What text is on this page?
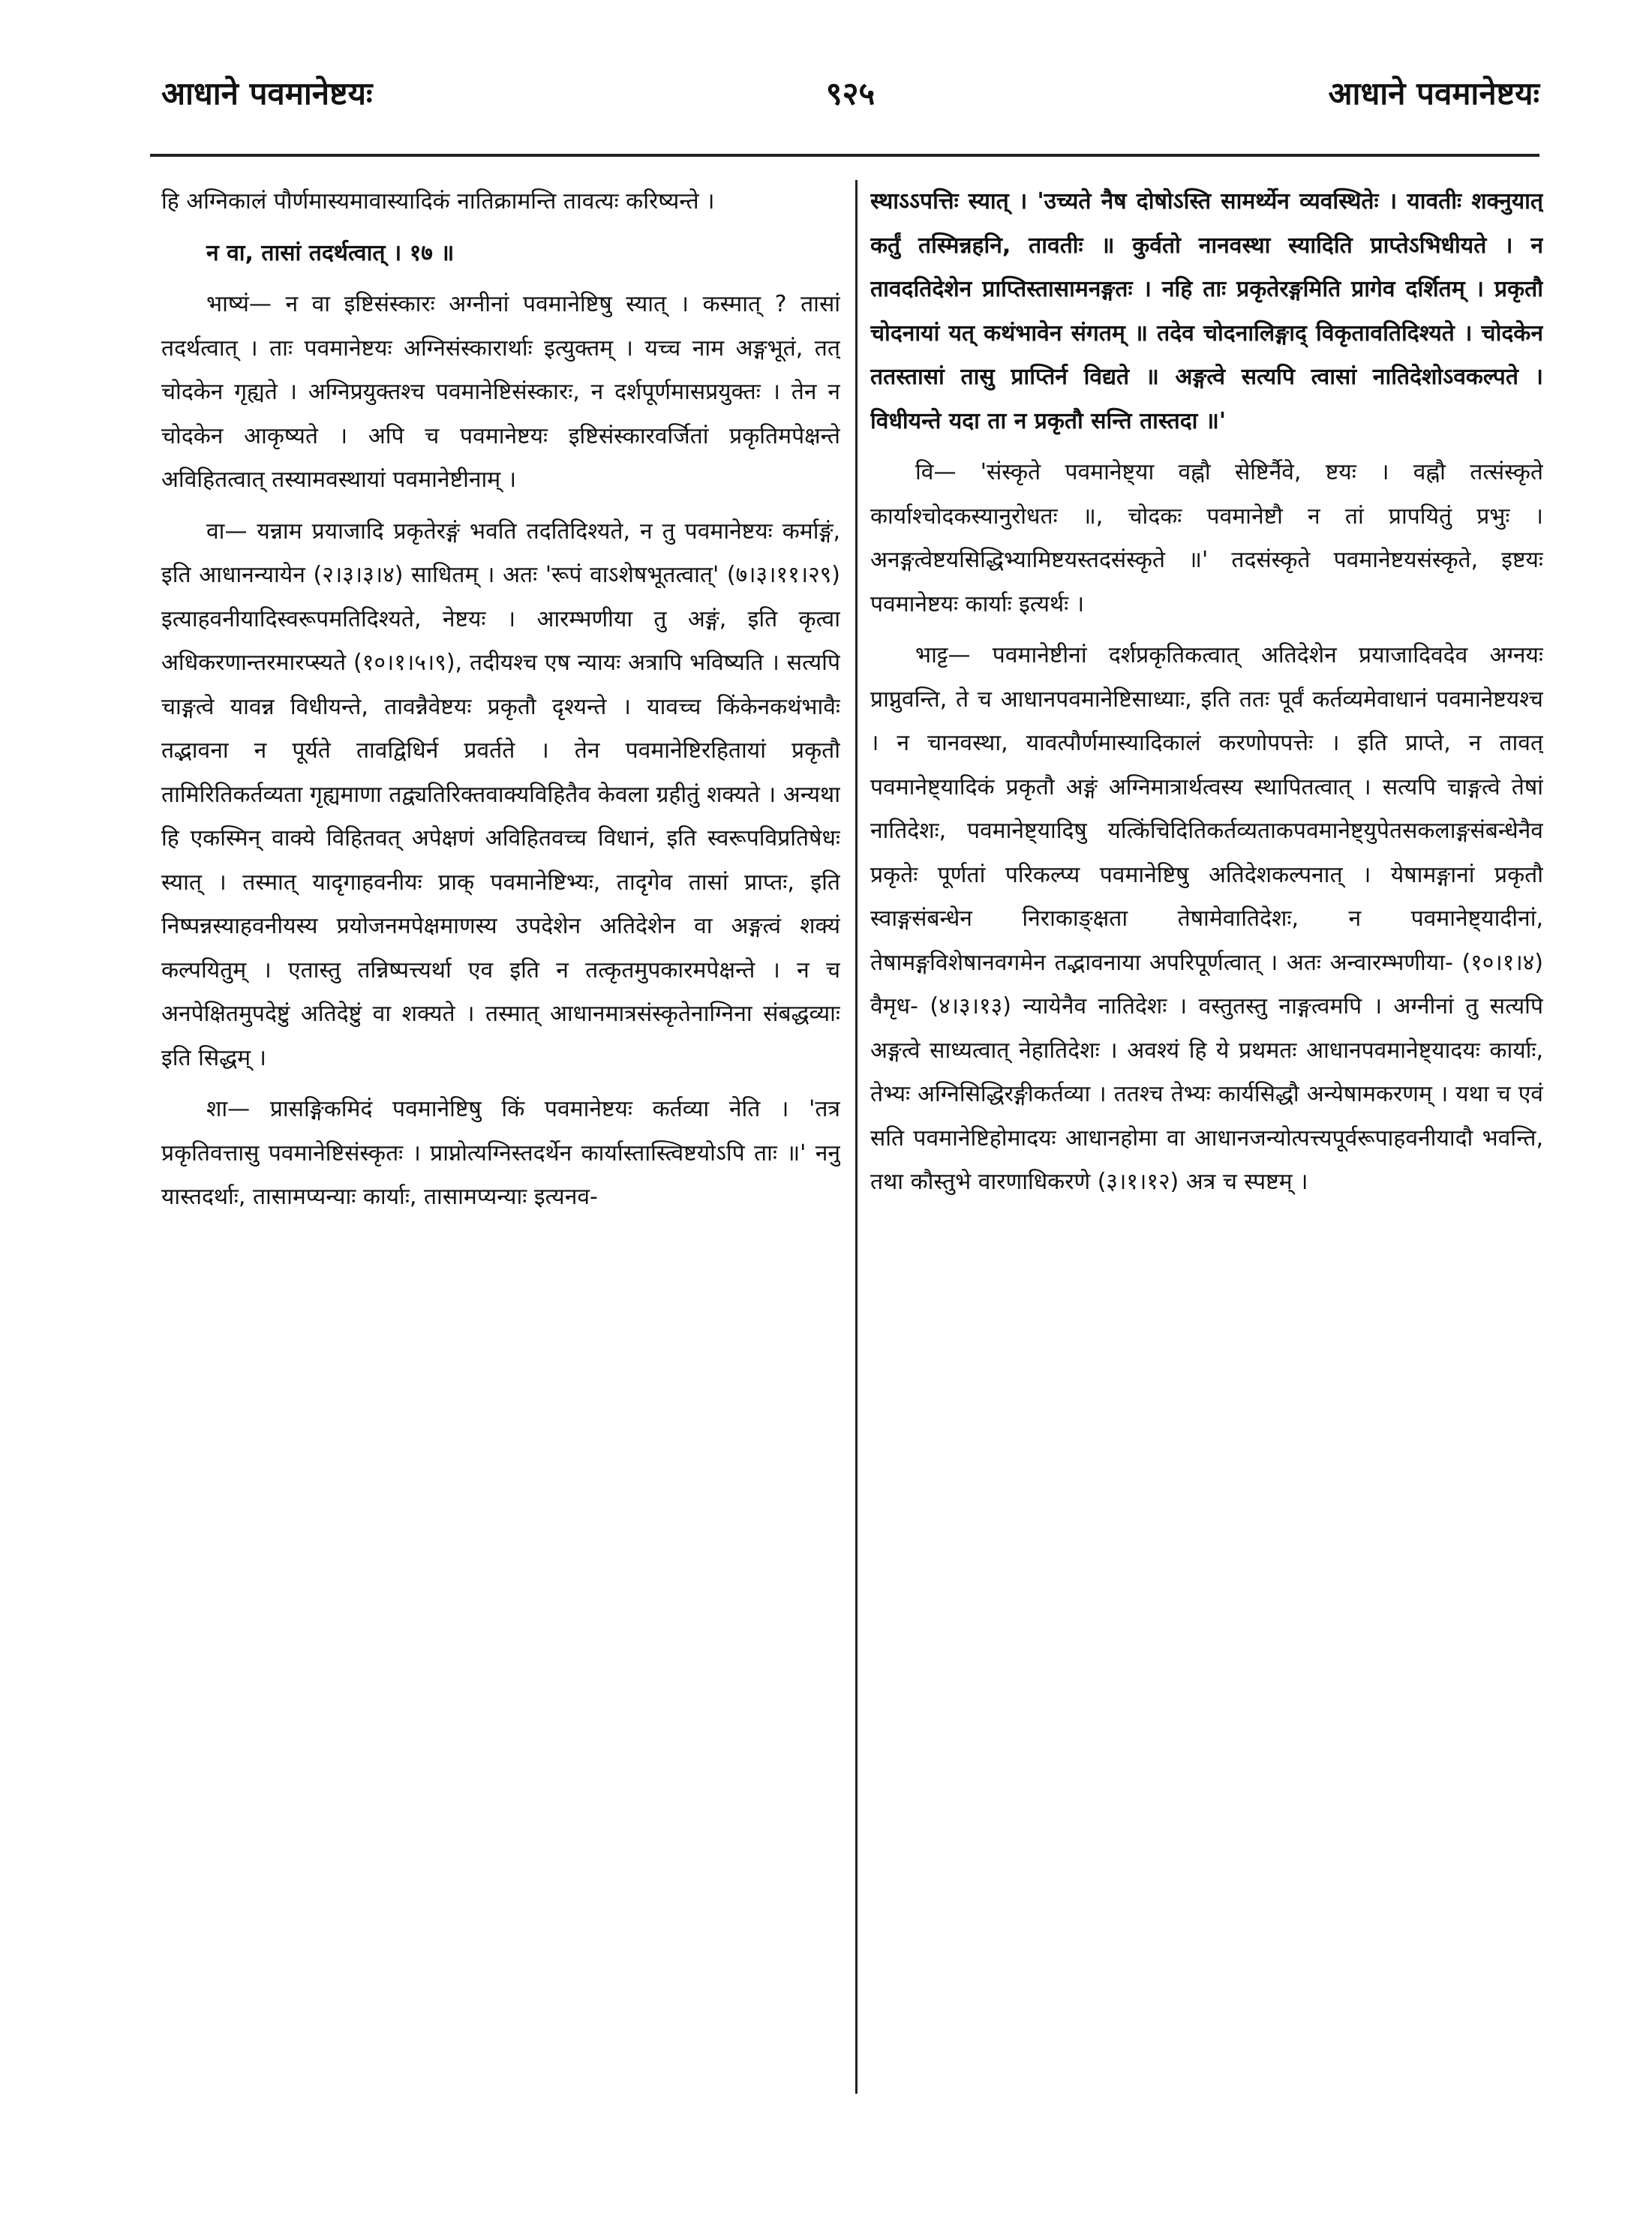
आधाने पवमानेष्टयः	९२५	आधाने पवमानेष्टयः

हि अग्निकालं पौर्णमास्यमावास्यादिकं नातिक्रामन्ति तावत्यः करिष्यन्ते ।

न वा, तासां तदर्थत्वात् । १७ ॥

भाष्यं— न वा इष्टिसंस्कारः अग्नीनां पवमानेष्टिषु स्यात् । कस्मात् ? तासां तदर्थत्वात् । ताः पवमानेष्टयः अग्निसंस्कारार्थाः इत्युक्तम् । यच्च नाम अङ्गभूतं, तत् चोदकेन गृह्यते । अग्निप्रयुक्तश्च पवमानेष्टिसंस्कारः, न दर्शपूर्णमासप्रयुक्तः । तेन न चोदकेन आकृष्यते । अपि च पवमानेष्टयः इष्टिसंस्कारवर्जितां प्रकृतिमपेक्षन्ते अविहितत्वात् तस्यामवस्थायां पवमानेष्टीनाम् ।

वा— यन्नाम प्रयाजादि प्रकृतेरङ्गं भवति तदतिदिश्यते, न तु पवमानेष्टयः कर्माङ्गं, इति आधानन्यायेन (२।३।३।४) साधितम् । अतः 'रूपं वाऽशेषभूतत्वात्' (७।३।११।२९) इत्याहवनीयादिस्वरूपमतिदिश्यते, नेष्टयः । आरम्भणीया तु अङ्गं, इति कृत्वा अधिकरणान्तरमारप्स्यते (१०।१।५।९), तदीयश्च एष न्यायः अत्रापि भविष्यति । सत्यपि चाङ्गत्वे यावन्न विधीयन्ते, तावन्नैवेष्टयः प्रकृतौ दृश्यन्ते । यावच्च किंकेनकथंभावैः तद्भावना न पूर्यते तावद्विधिर्न प्रवर्तते । तेन पवमानेष्टिरहितायां प्रकृतौ तामिरितिकर्तव्यता गृह्यमाणा तद्व्यतिरिक्तवाक्यविहितैव केवला ग्रहीतुं शक्यते । अन्यथा हि एकस्मिन् वाक्ये विहितवत् अपेक्षणं अविहितवच्च विधानं, इति स्वरूपविप्रतिषेधः स्यात् । तस्मात् यादृगाहवनीयः प्राक् पवमानेष्टिभ्यः, तादृगेव तासां प्राप्तः, इति निष्पन्नस्याहवनीयस्य प्रयोजनमपेक्षमाणस्य उपदेशेन अतिदेशेन वा अङ्गत्वं शक्यं कल्पयितुम् । एतास्तु तन्निष्पत्त्यर्था एव इति न तत्कृतमुपकारमपेक्षन्ते । न च अनपेक्षितमुपदेष्टुं अतिदेष्टुं वा शक्यते । तस्मात् आधानमात्रसंस्कृतेनाग्निना संबद्धव्याः इति सिद्धम् ।

शा— प्रासङ्गिकमिदं पवमानेष्टिषु किं पवमानेष्टयः कर्तव्या नेति । 'तत्र प्रकृतिवत्तासु पवमानेष्टिसंस्कृतः । प्राप्नोत्यग्निस्तदर्थेन कार्यास्तास्त्विष्टयोऽपि ताः ॥' ननु यास्तदर्थाः, तासामप्यन्याः कार्याः, तासामप्यन्याः इत्यनव-

स्थाऽऽपत्तिः स्यात् । 'उच्यते नैष दोषोऽस्ति सामर्थ्येन व्यवस्थितेः । यावतीः शक्नुयात् कर्तुं तस्मिन्नहनि, तावतीः ॥ कुर्वतो नानवस्था स्यादिति प्राप्तेऽभिधीयते । न तावदतिदेशेन प्राप्तिस्तासामनङ्गतः । नहि ताः प्रकृतेरङ्गमिति प्रागेव दर्शितम् । प्रकृतौ चोदनायां यत् कथंभावेन संगतम् ॥ तदेव चोदनालिङ्गाद् विकृतावतिदिश्यते । चोदकेन ततस्तासां तासु प्राप्तिर्न विद्यते ॥ अङ्गत्वे सत्यपि त्वासां नातिदेशोऽवकल्पते । विधीयन्ते यदा ता न प्रकृतौ सन्ति तास्तदा ॥'

वि— 'संस्कृते पवमानेष्ट्या वह्नौ सेष्टिर्नैवे, ष्टयः । वह्नौ तत्संस्कृते कार्याश्चोदकस्यानुरोधतः ॥, चोदकः पवमानेष्टौ न तां प्रापयितुं प्रभुः । अनङ्गत्वेष्टयसिद्धिभ्यामिष्टयस्तदसंस्कृते ॥' तदसंस्कृते पवमानेष्टयसंस्कृते, इष्टयः पवमानेष्टयः कार्याः इत्यर्थः ।

भाट्ट— पवमानेष्टीनां दर्शप्रकृतिकत्वात् अतिदेशेन प्रयाजादिवदेव अग्नयः प्राप्नुवन्ति, ते च आधानपवमानेष्टिसाध्याः, इति ततः पूर्वं कर्तव्यमेवाधानं पवमानेष्टयश्च । न चानवस्था, यावत्पौर्णमास्यादिकालं करणोपपत्तेः । इति प्राप्ते, न तावत् पवमानेष्ट्यादिकं प्रकृतौ अङ्गं अग्निमात्रार्थत्वस्य स्थापितत्वात् । सत्यपि चाङ्गत्वे तेषां नातिदेशः, पवमानेष्ट्यादिषु यत्किंचिदितिकर्तव्यताकपवमानेष्ट्युपेतसकलाङ्गसंबन्धेनैव प्रकृतेः पूर्णतां परिकल्प्य पवमानेष्टिषु अतिदेशकल्पनात् । येषामङ्गानां प्रकृतौ स्वाङ्गसंबन्धेन निराकाङ्क्षता तेषामेवातिदेशः, न पवमानेष्ट्यादीनां, तेषामङ्गविशेषानवगमेन तद्भावनाया अपरिपूर्णत्वात् । अतः अन्वारम्भणीया- (१०।१।४) वैमृध- (४।३।१३) न्यायेनैव नातिदेशः । वस्तुतस्तु नाङ्गत्वमपि । अग्नीनां तु सत्यपि अङ्गत्वे साध्यत्वात् नेहातिदेशः । अवश्यं हि ये प्रथमतः आधानपवमानेष्ट्यादयः कार्याः, तेभ्यः अग्निसिद्धिरङ्गीकर्तव्या । ततश्च तेभ्यः कार्यसिद्धौ अन्येषामकरणम् । यथा च एवं सति पवमानेष्टिहोमादयः आधानहोमा वा आधानजन्योत्पत्त्यपूर्वरूपाहवनीयादौ भवन्ति, तथा कौस्तुभे वारणाधिकरणे (३।१।१२) अत्र च स्पष्टम् ।
